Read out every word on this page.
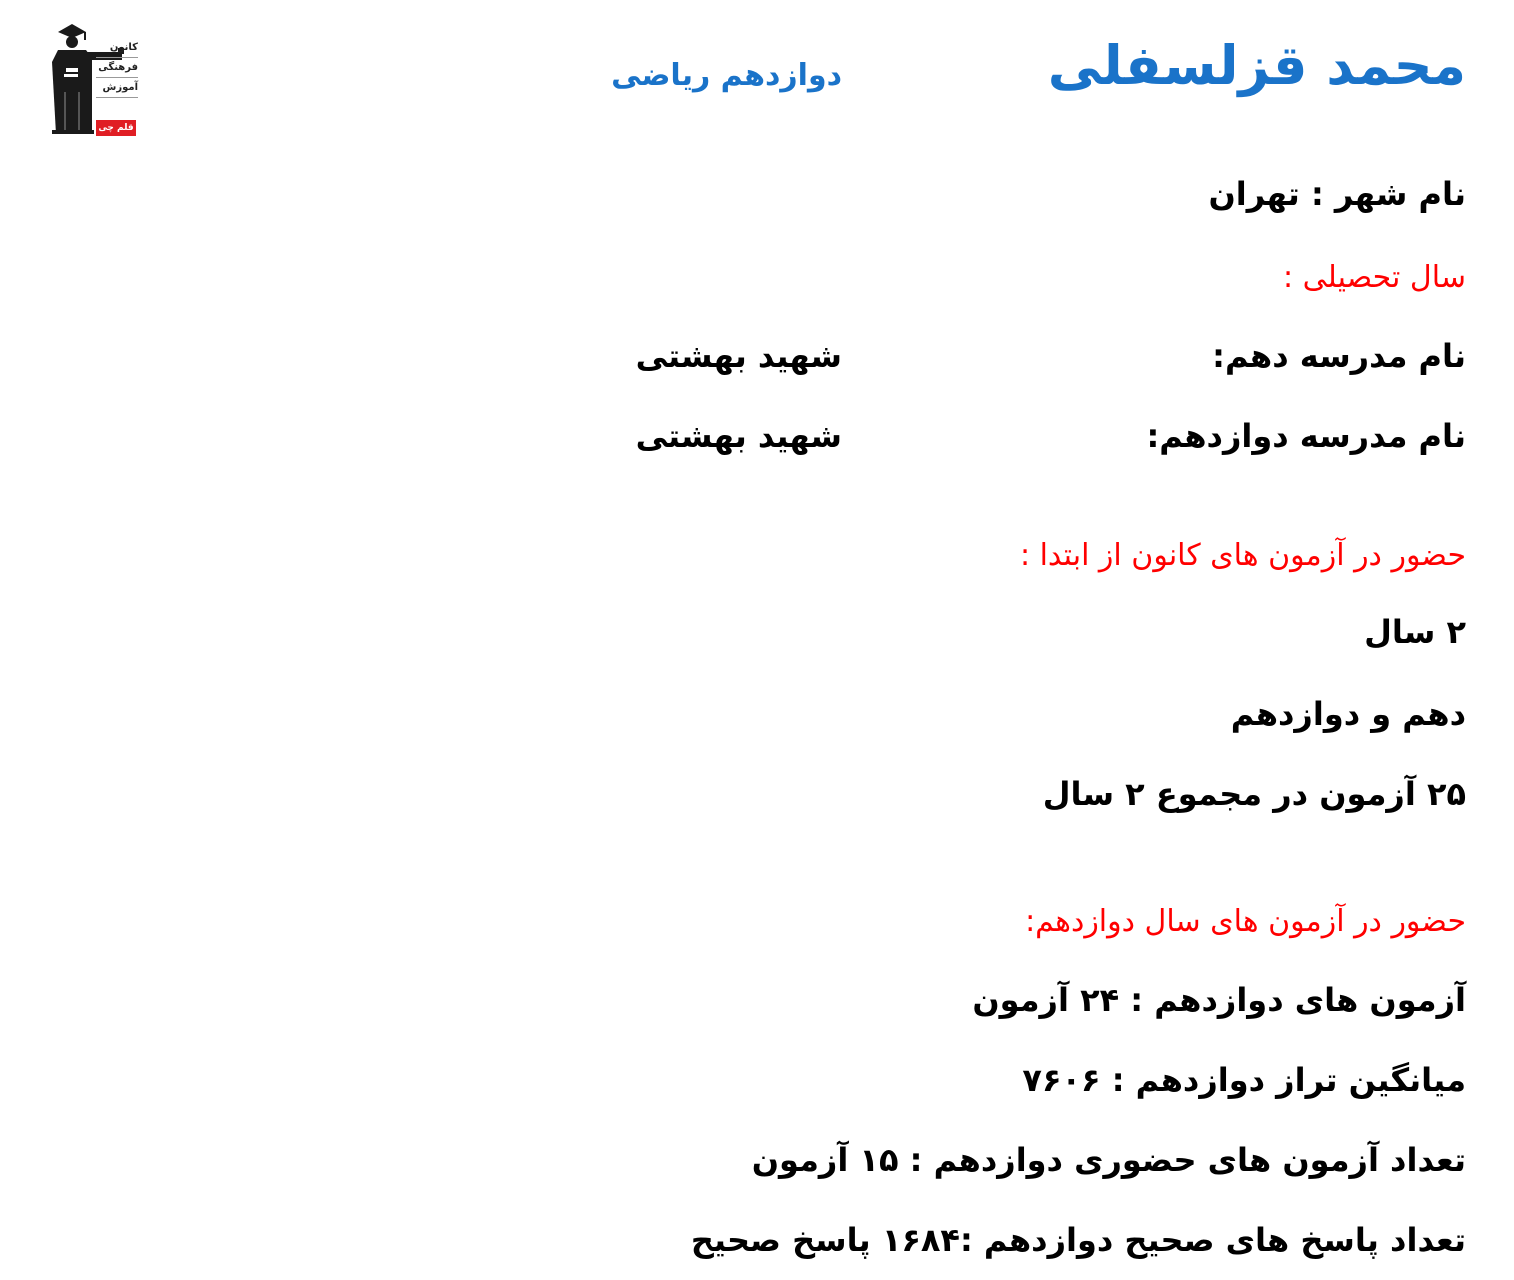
کانون
فرهنگی
آموزش
قلم چی
محمد قزلسفلی
دوازدهم ریاضی
نام شهر : تهران
سال تحصیلی :
نام مدرسه دهم:
شهید بهشتی
نام مدرسه دوازدهم:
شهید بهشتی
حضور در آزمون های کانون از ابتدا :
۲ سال
دهم و دوازدهم
۲۵ آزمون در مجموع ۲ سال
حضور در آزمون های سال دوازدهم:
آزمون های دوازدهم : ۲۴ آزمون
میانگین تراز دوازدهم : ۷۶۰۶
تعداد آزمون های حضوری دوازدهم : ۱۵ آزمون
تعداد پاسخ های صحیح دوازدهم :۱۶۸۴ پاسخ صحیح
